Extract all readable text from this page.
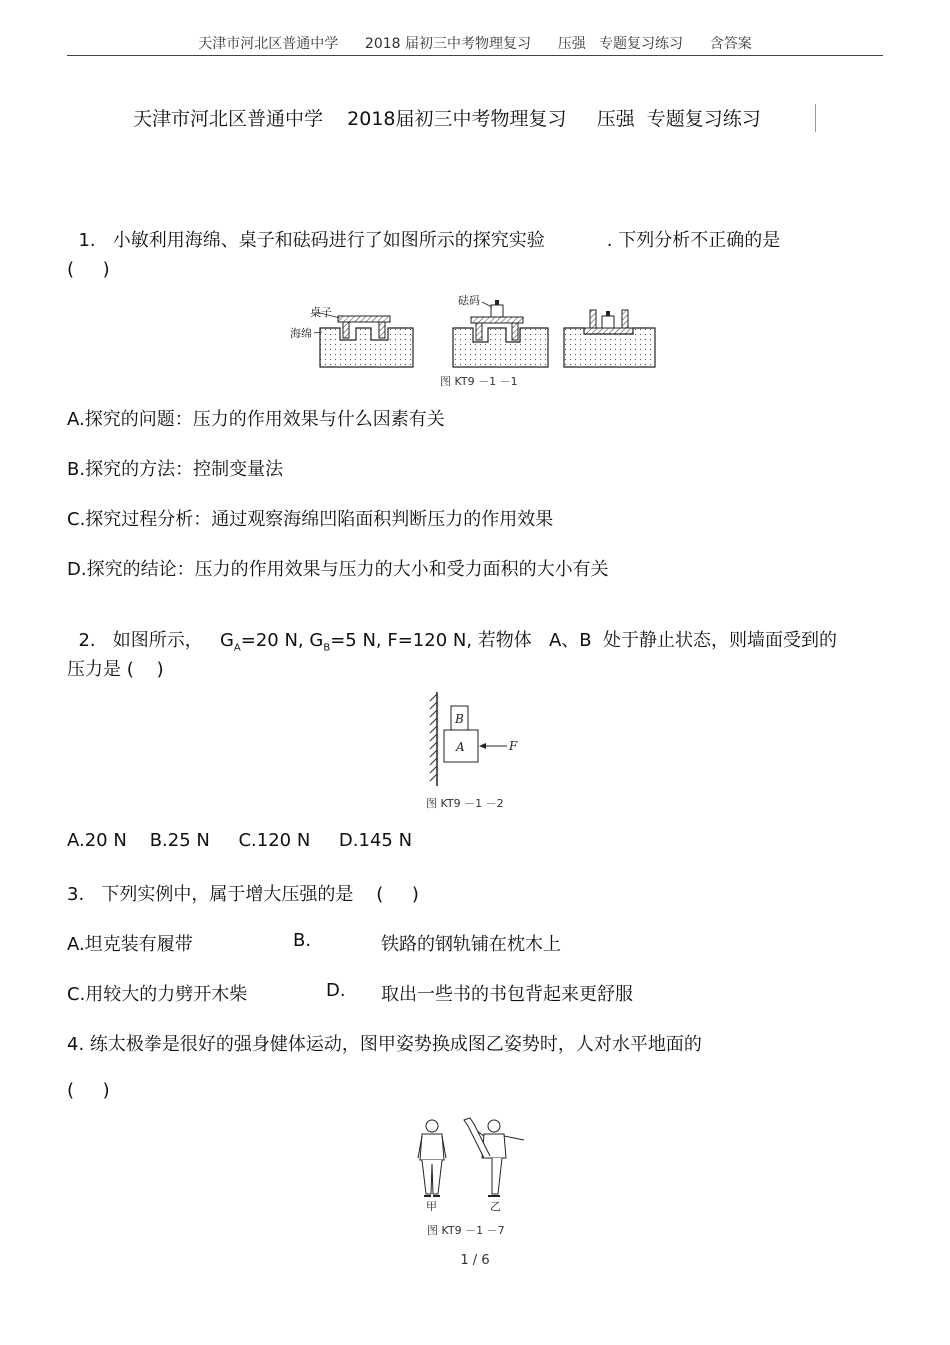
天津市河北区普通中学      2018 届初三中考物理复习      压强   专题复习练习      含答案
天津市河北区普通中学    2018届初三中考物理复习     压强  专题复习练习

1.   小敏利用海绵、桌子和砝码进行了如图所示的探究实验	. 下列分析不正确的是

(     )
桌子
海绵
砝码
图 KT9 －1 －1
A.探究的问题：压力的作用效果与什么因素有关
B.探究的方法：控制变量法
C.探究过程分析：通过观察海绵凹陷面积判断压力的作用效果
D.探究的结论：压力的作用效果与压力的大小和受力面积的大小有关

2.   如图所示，   $G_A=20$ N, $G_B=5$ N, F=120 N, 若物体   A、B  处于静止状态，则墙面受到的

压力是 (    )
B
A	F
图 KT9 －1 －2
A.20 N    B.25 N     C.120 N     D.145 N
3.   下列实例中，属于增大压强的是    (     )
A.坦克装有履带	B.	铁路的钢轨铺在枕木上
C.用较大的力劈开木柴	D. 取出一些书的书包背起来更舒服
4. 练太极拳是很好的强身健体运动，图甲姿势换成图乙姿势时，人对水平地面的
(     )
甲	乙
图 KT9 －1 －7
1 / 6
